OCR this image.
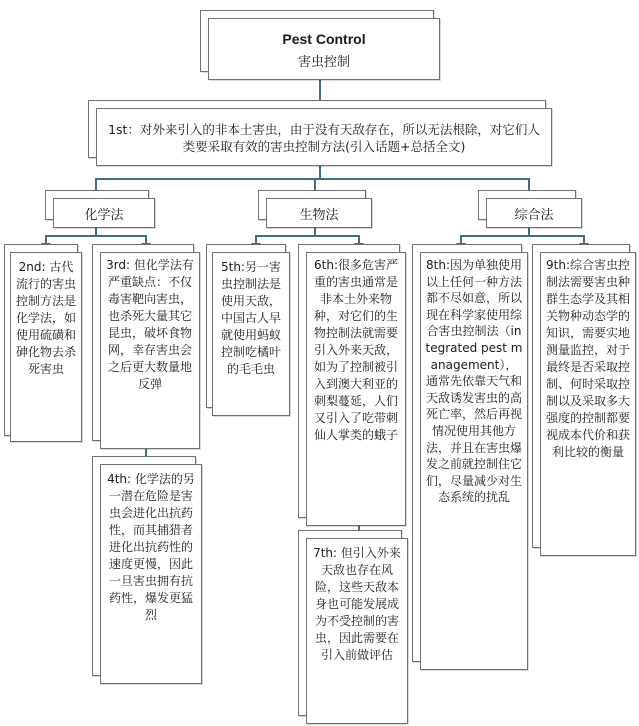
Pest Control
害虫控制
1st：对外来引入的非本土害虫，由于没有天敌存在，所以无法根除，对它们人类要采取有效的害虫控制方法(引入话题+总括全文)
化学法	生物法	综合法
2nd: 古代流行的害虫控制方法是化学法，如使用硫磺和砷化物去杀死害虫
3rd: 但化学法有严重缺点：不仅毒害靶向害虫，也杀死大量其它昆虫，破坏食物网，幸存害虫会之后更大数量地反弹
4th: 化学法的另一潜在危险是害虫会进化出抗药性，而其捕猎者进化出抗药性的速度更慢，因此一旦害虫拥有抗药性，爆发更猛烈
5th:另一害虫控制法是使用天敌，中国古人早就使用蚂蚁控制吃橘叶的毛毛虫
6th:很多危害严重的害虫通常是非本土外来物种，对它们的生物控制法就需要引入外来天敌，如为了控制被引入到澳大利亚的刺梨蔓延，人们又引入了吃带刺仙人掌类的蛾子
7th: 但引入外来天敌也存在风险，这些天敌本身也可能发展成为不受控制的害虫，因此需要在引入前做评估
8th:因为单独使用以上任何一种方法都不尽如意，所以现在科学家使用综合害虫控制法（integrated pest management），通常先依靠天气和天敌诱发害虫的高死亡率，然后再视情况使用其他方法，并且在害虫爆发之前就控制住它们，尽量减少对生态系统的扰乱
9th:综合害虫控制法需要害虫种群生态学及其相关物种动态学的知识，需要实地测量监控，对于最终是否采取控制、何时采取控制以及采取多大强度的控制都要视成本代价和获利比较的衡量
